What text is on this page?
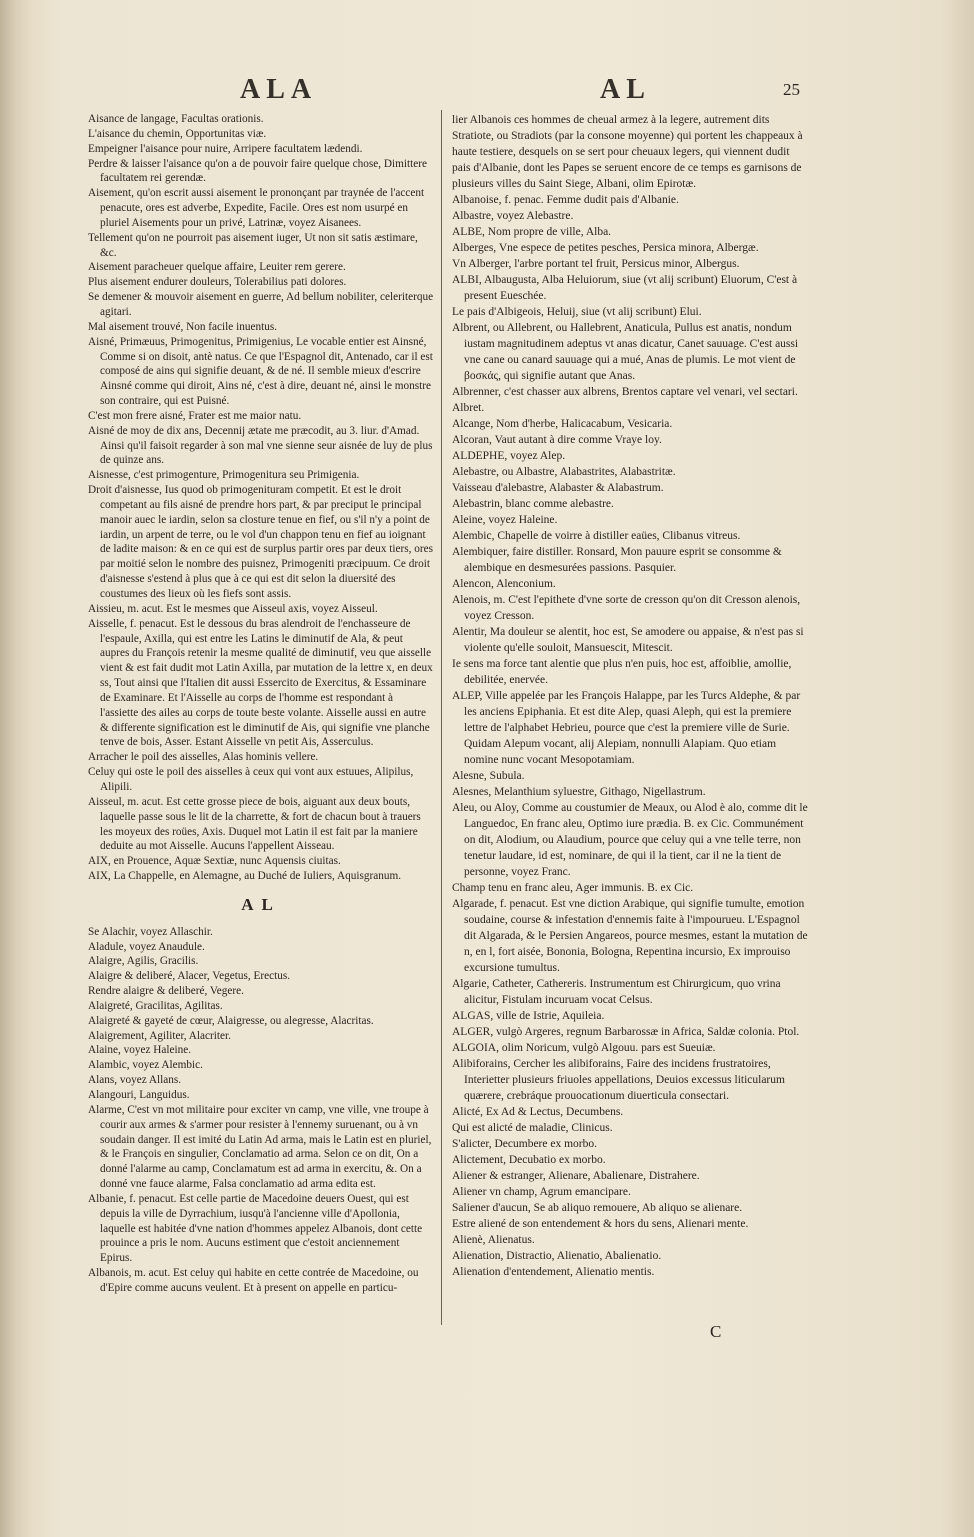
ALA	AL	25

Aisance de langage, Facultas orationis.

L'aisance du chemin, Opportunitas viæ.

Empeigner l'aisance pour nuire, Arripere facultatem lædendi.

Perdre & laisser l'aisance qu'on a de pouvoir faire quelque chose, Dimittere facultatem rei gerendæ.

Aisement, qu'on escrit aussi aisement le prononçant par traynée de l'accent penacute, ores est adverbe, Expedite, Facile. Ores est nom usurpé en pluriel Aisements pour un privé, Latrinæ, voyez Aisanees.

Tellement qu'on ne pourroit pas aisement iuger, Ut non sit satis æstimare, &c.

Aisement paracheuer quelque affaire, Leuiter rem gerere.

Plus aisement endurer douleurs, Tolerabilius pati dolores.

Se demener & mouvoir aisement en guerre, Ad bellum nobiliter, celeriterque agitari.

Mal aisement trouvé, Non facile inuentus.

Aisné, Primæuus, Primogenitus, Primigenius, Le vocable entier est Ainsné, Comme si on disoit, antè natus. Ce que l'Espagnol dit, Antenado, car il est composé de ains qui signifie deuant, & de né. Il semble mieux d'escrire Ainsné comme qui diroit, Ains né, c'est à dire, deuant né, ainsi le monstre son contraire, qui est Puisné.

C'est mon frere aisné, Frater est me maior natu.

Aisné de moy de dix ans, Decennij ætate me præcodit, au 3. liur. d'Amad. Ainsi qu'il faisoit regarder à son mal vne sienne seur aisnée de luy de plus de quinze ans.

Aisnesse, c'est primogenture, Primogenitura seu Primigenia.

Droit d'aisnesse, Ius quod ob primogenituram competit. Et est le droit competant au fils aisné de prendre hors part, & par preciput le principal manoir auec le iardin, selon sa closture tenue en fief, ou s'il n'y a point de iardin, un arpent de terre, ou le vol d'un chappon tenu en fief au ioignant de ladite maison: & en ce qui est de surplus partir ores par deux tiers, ores par moitié selon le nombre des puisnez, Primogeniti præcipuum. Ce droit d'aisnesse s'estend à plus que à ce qui est dit selon la diuersité des coustumes des lieux où les fiefs sont assis.

Aissieu, m. acut. Est le mesmes que Aisseul axis, voyez Aisseul.

Aisselle, f. penacut. Est le dessous du bras alendroit de l'enchasseure de l'espaule, Axilla, qui est entre les Latins le diminutif de Ala, & peut aupres du François retenir la mesme qualité de diminutif, veu que aisselle vient & est fait dudit mot Latin Axilla, par mutation de la lettre x, en deux ss, Tout ainsi que l'Italien dit aussi Essercito de Exercitus, & Essaminare de Examinare. Et l'Aisselle au corps de l'homme est respondant à l'assiette des ailes au corps de toute beste volante. Aisselle aussi en autre & differente signification est le diminutif de Ais, qui signifie vne planche tenve de bois, Asser. Estant Aisselle vn petit Ais, Asserculus.

Arracher le poil des aisselles, Alas hominis vellere.

Celuy qui oste le poil des aisselles à ceux qui vont aux estuues, Alipilus, Alipili.

Aisseul, m. acut. Est cette grosse piece de bois, aiguant aux deux bouts, laquelle passe sous le lit de la charrette, & fort de chacun bout à trauers les moyeux des roües, Axis. Duquel mot Latin il est fait par la maniere deduite au mot Aisselle. Aucuns l'appellent Aisseau.

AIX, en Prouence, Aquæ Sextiæ, nunc Aquensis ciuitas.

AIX, La Chappelle, en Alemagne, au Duché de Iuliers, Aquisgranum.

AL

Se Alachir, voyez Allaschir.

Aladule, voyez Anaudule.

Alaigre, Agilis, Gracilis.

Alaigre & deliberé, Alacer, Vegetus, Erectus.

Rendre alaigre & deliberé, Vegere.

Alaigreté, Gracilitas, Agilitas.

Alaigreté & gayeté de cœur, Alaigresse, ou alegresse, Alacritas.

Alaigrement, Agiliter, Alacriter.

Alaine, voyez Haleine.

Alambic, voyez Alembic.

Alans, voyez Allans.

Alangouri, Languidus.

Alarme, C'est vn mot militaire pour exciter vn camp, vne ville, vne troupe à courir aux armes & s'armer pour resister à l'ennemy suruenant, ou à vn soudain danger. Il est imité du Latin Ad arma, mais le Latin est en pluriel, & le François en singulier, Conclamatio ad arma. Selon ce on dit, On a donné l'alarme au camp, Conclamatum est ad arma in exercitu, &. On a donné vne fauce alarme, Falsa conclamatio ad arma edita est.

Albanie, f. penacut. Est celle partie de Macedoine deuers Ouest, qui est depuis la ville de Dyrrachium, iusqu'à l'ancienne ville d'Apollonia, laquelle est habitée d'vne nation d'hommes appelez Albanois, dont cette prouince a pris le nom. Aucuns estiment que c'estoit anciennement Epirus.

Albanois, m. acut. Est celuy qui habite en cette contrée de Macedoine, ou d'Epire comme aucuns veulent. Et à present on appelle en particu-

lier Albanois ces hommes de cheual armez à la legere, autrement dits Stratiote, ou Stradiots (par la consone moyenne) qui portent les chappeaux à haute testiere, desquels on se sert pour cheuaux legers, qui viennent dudit pais d'Albanie, dont les Papes se seruent encore de ce temps es garnisons de plusieurs villes du Saint Siege, Albani, olim Epirotæ.

Albanoise, f. penac. Femme dudit pais d'Albanie.

Albastre, voyez Alebastre.

ALBE, Nom propre de ville, Alba.

Alberges, Vne espece de petites pesches, Persica minora, Albergæ.

Vn Alberger, l'arbre portant tel fruit, Persicus minor, Albergus.

ALBI, Albaugusta, Alba Heluiorum, siue (vt alij scribunt) Eluorum, C'est à present Eueschée.

Le pais d'Albigeois, Heluij, siue (vt alij scribunt) Elui.

Albrent, ou Allebrent, ou Hallebrent, Anaticula, Pullus est anatis, nondum iustam magnitudinem adeptus vt anas dicatur, Canet sauuage. C'est aussi vne cane ou canard sauuage qui a mué, Anas de plumis. Le mot vient de βοσκάς, qui signifie autant que Anas.

Albrenner, c'est chasser aux albrens, Brentos captare vel venari, vel sectari.

Albret.

Alcange, Nom d'herbe, Halicacabum, Vesicaria.

Alcoran, Vaut autant à dire comme Vraye loy.

ALDEPHE, voyez Alep.

Alebastre, ou Albastre, Alabastrites, Alabastritæ.

Vaisseau d'alebastre, Alabaster & Alabastrum.

Alebastrin, blanc comme alebastre.

Aleine, voyez Haleine.

Alembic, Chapelle de voirre à distiller eaües, Clibanus vitreus.

Alembiquer, faire distiller. Ronsard, Mon pauure esprit se consomme & alembique en desmesurées passions. Pasquier.

Alencon, Alenconium.

Alenois, m. C'est l'epithete d'vne sorte de cresson qu'on dit Cresson alenois, voyez Cresson.

Alentir, Ma douleur se alentit, hoc est, Se amodere ou appaise, & n'est pas si violente qu'elle souloit, Mansuescit, Mitescit.

Ie sens ma force tant alentie que plus n'en puis, hoc est, affoiblie, amollie, debilitée, enervée.

ALEP, Ville appelée par les François Halappe, par les Turcs Aldephe, & par les anciens Epiphania. Et est dite Alep, quasi Aleph, qui est la premiere lettre de l'alphabet Hebrieu, pource que c'est la premiere ville de Surie. Quidam Alepum vocant, alij Alepiam, nonnulli Alapiam. Quo etiam nomine nunc vocant Mesopotamiam.

Alesne, Subula.

Alesnes, Melanthium syluestre, Githago, Nigellastrum.

Aleu, ou Aloy, Comme au coustumier de Meaux, ou Alod è alo, comme dit le Languedoc, En franc aleu, Optimo iure prædia. B. ex Cic. Communément on dit, Alodium, ou Alaudium, pource que celuy qui a vne telle terre, non tenetur laudare, id est, nominare, de qui il la tient, car il ne la tient de personne, voyez Franc.

Champ tenu en franc aleu, Ager immunis. B. ex Cic.

Algarade, f. penacut. Est vne diction Arabique, qui signifie tumulte, emotion soudaine, course & infestation d'ennemis faite à l'impourueu. L'Espagnol dit Algarada, & le Persien Angareos, pource mesmes, estant la mutation de n, en l, fort aisée, Bononia, Bologna, Repentina incursio, Ex improuiso excursione tumultus.

Algarie, Catheter, Cathereris. Instrumentum est Chirurgicum, quo vrina alicitur, Fistulam incuruam vocat Celsus.

ALGAS, ville de Istrie, Aquileia.

ALGER, vulgò Argeres, regnum Barbarossæ in Africa, Saldæ colonia. Ptol.

ALGOIA, olim Noricum, vulgò Algouu. pars est Sueuiæ.

Alibiforains, Cercher les alibiforains, Faire des incidens frustratoires, Interietter plusieurs friuoles appellations, Deuios excessus liticularum quærere, crebráque prouocationum diuerticula consectari.

Alicté, Ex Ad & Lectus, Decumbens.

Qui est alicté de maladie, Clinicus.

S'alicter, Decumbere ex morbo.

Alictement, Decubatio ex morbo.

Aliener & estranger, Alienare, Abalienare, Distrahere.

Aliener vn champ, Agrum emancipare.

Saliener d'aucun, Se ab aliquo remouere, Ab aliquo se alienare.

Estre aliené de son entendement & hors du sens, Alienari mente.

Alienè, Alienatus.

Alienation, Distractio, Alienatio, Abalienatio.

Alienation d'entendement, Alienatio mentis.

C
